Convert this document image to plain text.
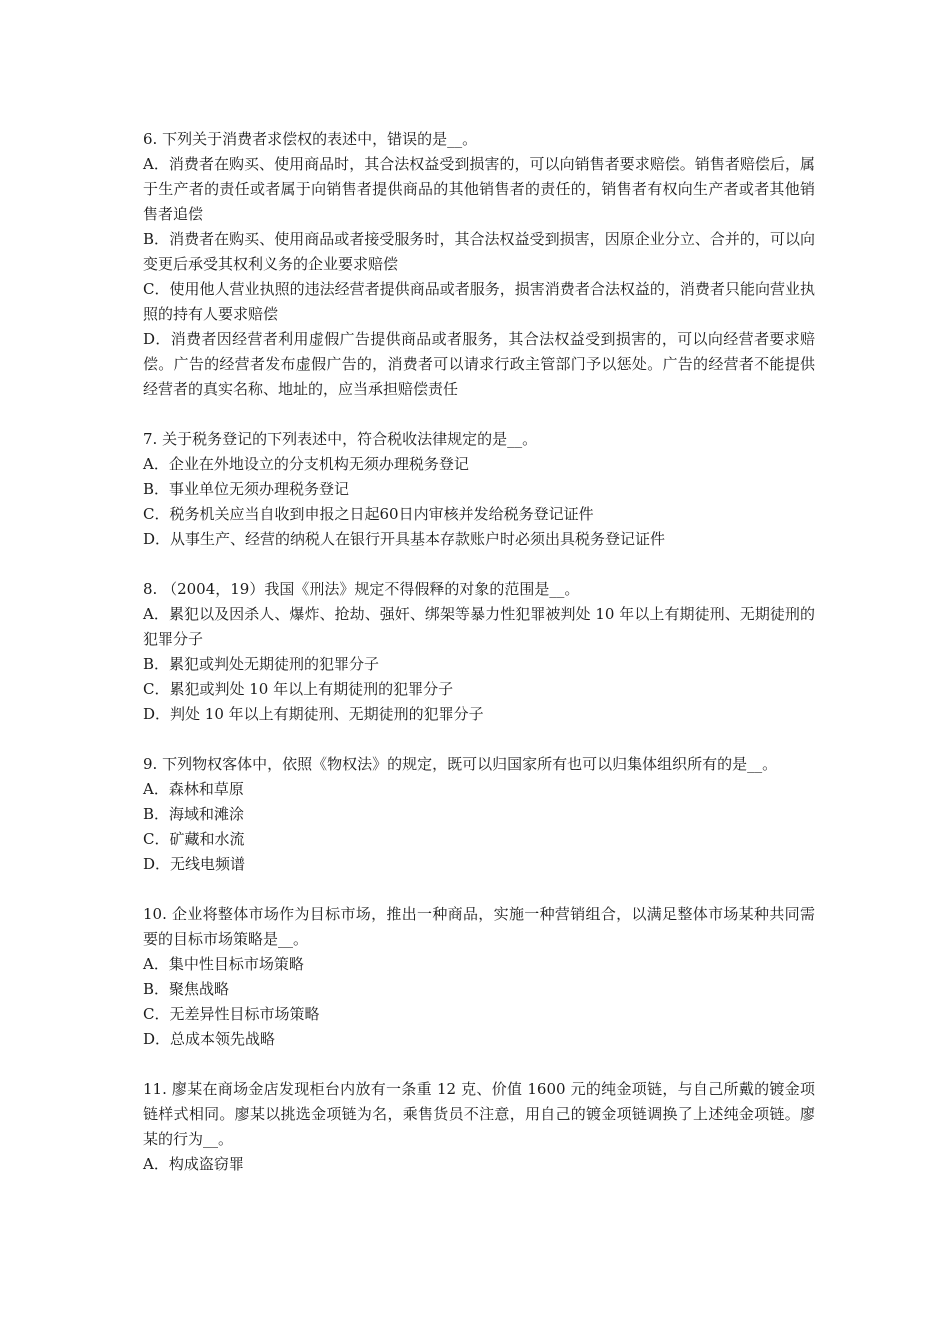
6. 下列关于消费者求偿权的表述中，错误的是__。
A．消费者在购买、使用商品时，其合法权益受到损害的，可以向销售者要求赔偿。销售者赔偿后，属于生产者的责任或者属于向销售者提供商品的其他销售者的责任的，销售者有权向生产者或者其他销售者追偿
B．消费者在购买、使用商品或者接受服务时，其合法权益受到损害，因原企业分立、合并的，可以向变更后承受其权利义务的企业要求赔偿
C．使用他人营业执照的违法经营者提供商品或者服务，损害消费者合法权益的，消费者只能向营业执照的持有人要求赔偿
D．消费者因经营者利用虚假广告提供商品或者服务，其合法权益受到损害的，可以向经营者要求赔偿。广告的经营者发布虚假广告的，消费者可以请求行政主管部门予以惩处。广告的经营者不能提供经营者的真实名称、地址的，应当承担赔偿责任
7. 关于税务登记的下列表述中，符合税收法律规定的是__。
A．企业在外地设立的分支机构无须办理税务登记
B．事业单位无须办理税务登记
C．税务机关应当自收到申报之日起60日内审核并发给税务登记证件
D．从事生产、经营的纳税人在银行开具基本存款账户时必须出具税务登记证件
8. （2004，19）我国《刑法》规定不得假释的对象的范围是__。
A．累犯以及因杀人、爆炸、抢劫、强奸、绑架等暴力性犯罪被判处 10 年以上有期徒刑、无期徒刑的犯罪分子
B．累犯或判处无期徒刑的犯罪分子
C．累犯或判处 10 年以上有期徒刑的犯罪分子
D．判处 10 年以上有期徒刑、无期徒刑的犯罪分子
9. 下列物权客体中，依照《物权法》的规定，既可以归国家所有也可以归集体组织所有的是__。
A．森林和草原
B．海域和滩涂
C．矿藏和水流
D．无线电频谱
10. 企业将整体市场作为目标市场，推出一种商品，实施一种营销组合，以满足整体市场某种共同需要的目标市场策略是__。
A．集中性目标市场策略
B．聚焦战略
C．无差异性目标市场策略
D．总成本领先战略
11. 廖某在商场金店发现柜台内放有一条重 12 克、价值 1600 元的纯金项链，与自己所戴的镀金项链样式相同。廖某以挑选金项链为名，乘售货员不注意，用自己的镀金项链调换了上述纯金项链。廖某的行为__。
A．构成盗窃罪
